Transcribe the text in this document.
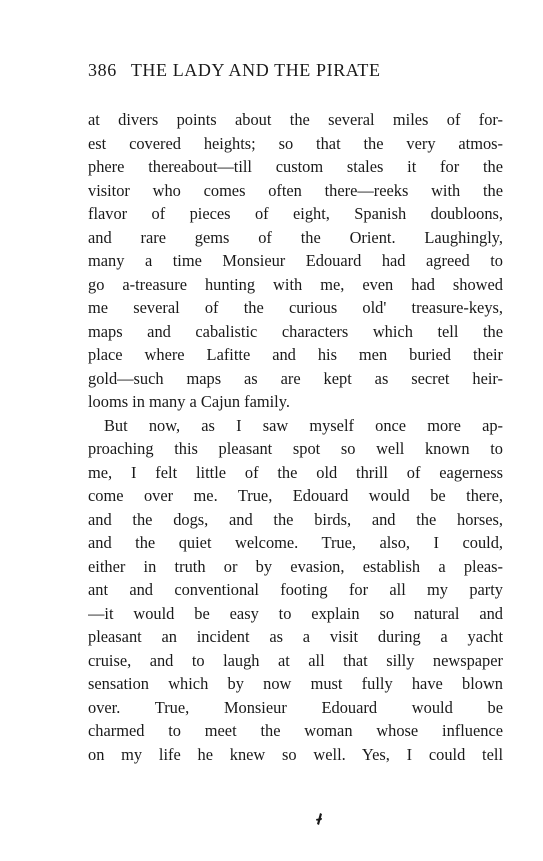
386 THE LADY AND THE PIRATE
at divers points about the several miles of for-
est covered heights; so that the very atmos-
phere thereabout—till custom stales it for the
visitor who comes often there—reeks with the
flavor of pieces of eight, Spanish doubloons,
and rare gems of the Orient. Laughingly,
many a time Monsieur Edouard had agreed to
go a-treasure hunting with me, even had showed
me several of the curious old' treasure-keys,
maps and cabalistic characters which tell the
place where Lafitte and his men buried their
gold—such maps as are kept as secret heir-
looms in many a Cajun family.
But now, as I saw myself once more ap-
proaching this pleasant spot so well known to
me, I felt little of the old thrill of eagerness
come over me. True, Edouard would be there,
and the dogs, and the birds, and the horses,
and the quiet welcome. True, also, I could,
either in truth or by evasion, establish a pleas-
ant and conventional footing for all my party
—it would be easy to explain so natural and
pleasant an incident as a visit during a yacht
cruise, and to laugh at all that silly newspaper
sensation which by now must fully have blown
over. True, Monsieur Edouard would be
charmed to meet the woman whose influence
on my life he knew so well. Yes, I could tell
